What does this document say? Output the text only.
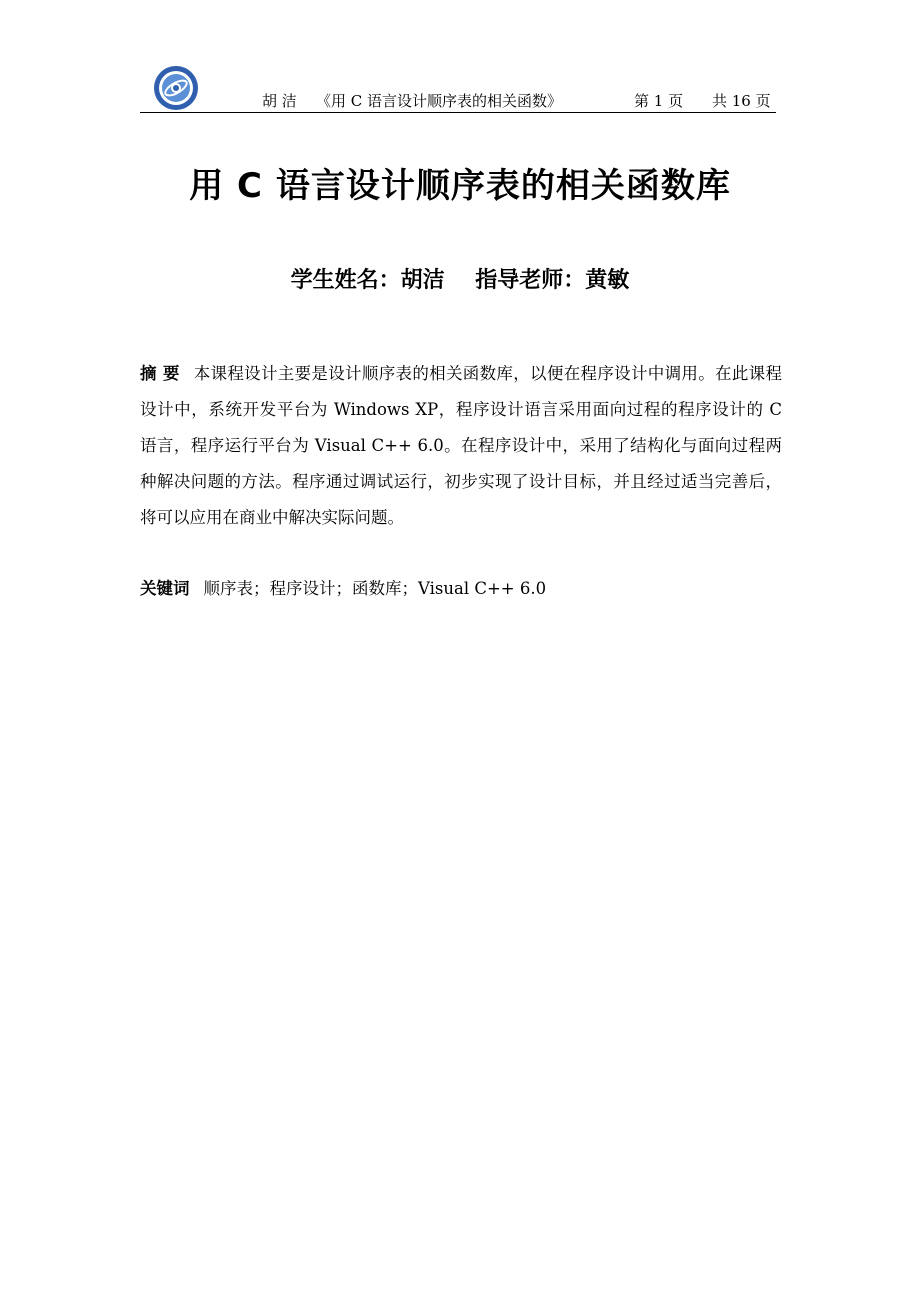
胡 洁 《用 C 语言设计顺序表的相关函数》	第 1 页 共 16 页
用 C 语言设计顺序表的相关函数库
学生姓名：胡洁    指导老师：黄敏
摘 要 本课程设计主要是设计顺序表的相关函数库，以便在程序设计中调用。在此课程设计中，系统开发平台为 Windows XP，程序设计语言采用面向过程的程序设计的 C 语言，程序运行平台为 Visual C++ 6.0。在程序设计中，采用了结构化与面向过程两种解决问题的方法。程序通过调试运行，初步实现了设计目标，并且经过适当完善后，将可以应用在商业中解决实际问题。
关键词 顺序表；程序设计；函数库；Visual C++ 6.0
